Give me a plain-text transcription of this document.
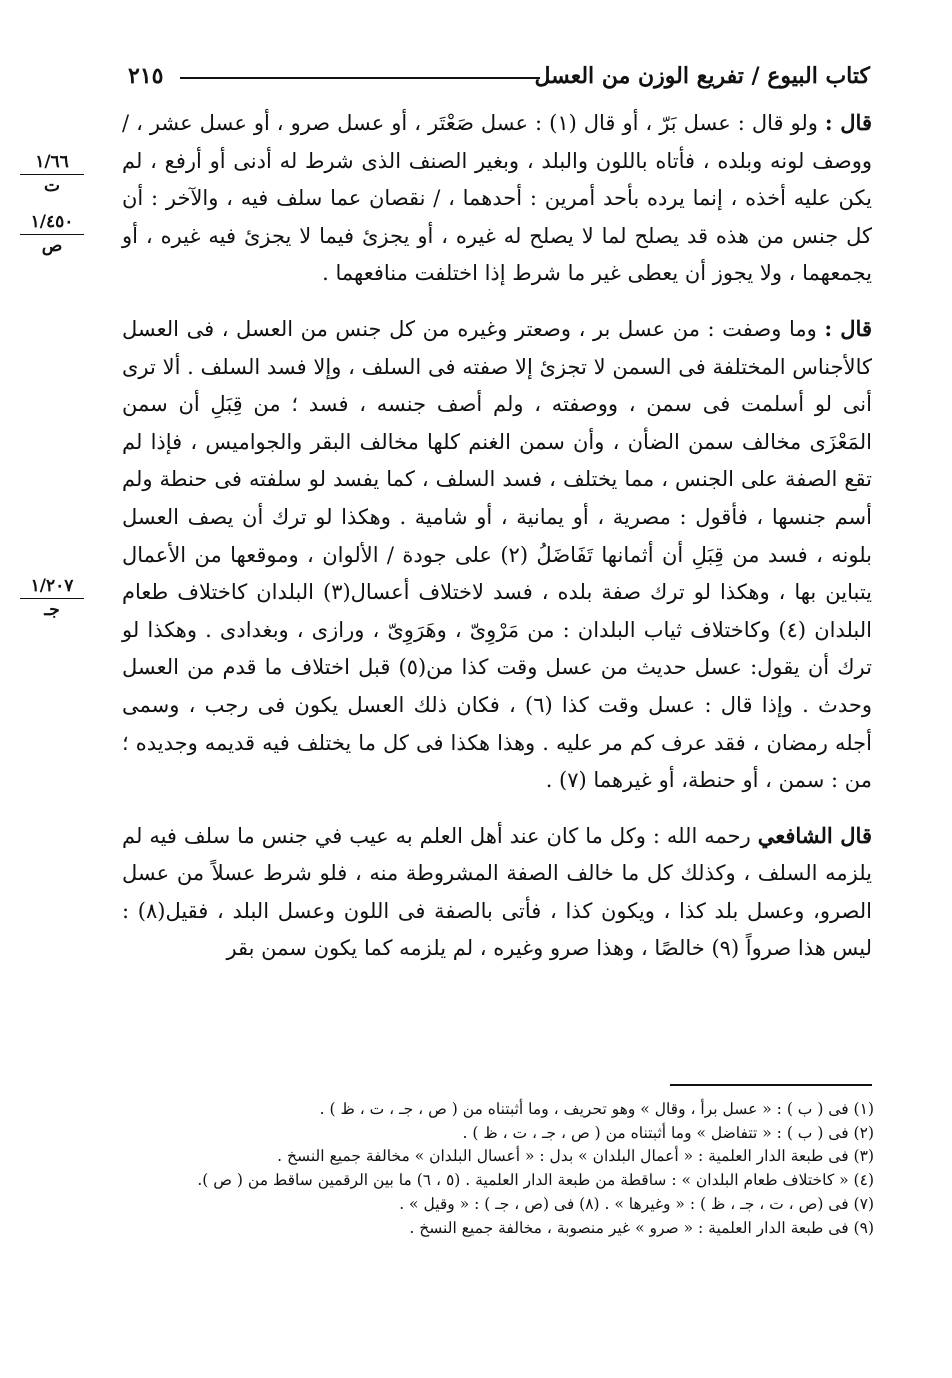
كتاب البيوع / تفريع الوزن من العسل
٢١٥
١/٦٦
ت
١/٤٥٠
ص
١/٢٠٧
جـ

قال : ولو قال : عسل بَرّ ، أو قال (١) : عسل صَعْتَر ، أو عسل صرو ، أو عسل عشر ، / ووصف لونه وبلده ، فأتاه باللون والبلد ، وبغير الصنف الذى شرط له أدنى أو أرفع ، لم يكن عليه أخذه ، إنما يرده بأحد أمرين : أحدهما ، / نقصان عما سلف فيه ، والآخر : أن كل جنس من هذه قد يصلح لما لا يصلح له غيره ، أو يجزئ فيما لا يجزئ فيه غيره ، أو يجمعهما ، ولا يجوز أن يعطى غير ما شرط إذا اختلفت منافعهما .

قال : وما وصفت : من عسل بر ، وصعتر وغيره من كل جنس من العسل ، فى العسل كالأجناس المختلفة فى السمن لا تجزئ إلا صفته فى السلف ، وإلا فسد السلف . ألا ترى أنى لو أسلمت فى سمن ، ووصفته ، ولم أصف جنسه ، فسد ؛ من قِبَلِ أن سمن المَعْزَى مخالف سمن الضأن ، وأن سمن الغنم كلها مخالف البقر والجواميس ، فإذا لم تقع الصفة على الجنس ، مما يختلف ، فسد السلف ، كما يفسد لو سلفته فى حنطة ولم أسم جنسها ، فأقول : مصرية ، أو يمانية ، أو شامية . وهكذا لو ترك أن يصف العسل بلونه ، فسد من قِبَلِ أن أثمانها تَفَاضَلُ (٢) على جودة / الألوان ، وموقعها من الأعمال يتباين بها ، وهكذا لو ترك صفة بلده ، فسد لاختلاف أعسال(٣) البلدان كاختلاف طعام البلدان (٤) وكاختلاف ثياب البلدان : من مَرْوِىّ ، وهَرَوِىّ ، ورازى ، وبغدادى . وهكذا لو ترك أن يقول: عسل حديث من عسل وقت كذا من(٥) قبل اختلاف ما قدم من العسل وحدث . وإذا قال : عسل وقت كذا (٦) ، فكان ذلك العسل يكون فى رجب ، وسمى أجله رمضان ، فقد عرف كم مر عليه . وهذا هكذا فى كل ما يختلف فيه قديمه وجديده ؛ من : سمن ، أو حنطة، أو غيرهما (٧) .

قال الشافعي رحمه الله : وكل ما كان عند أهل العلم به عيب في جنس ما سلف فيه لم يلزمه السلف ، وكذلك كل ما خالف الصفة المشروطة منه ، فلو شرط عسلاً من عسل الصرو، وعسل بلد كذا ، ويكون كذا ، فأتى بالصفة فى اللون وعسل البلد ، فقيل(٨) : ليس هذا صرواً (٩) خالصًا ، وهذا صرو وغيره ، لم يلزمه كما يكون سمن بقر

(١) فى ( ب ) : « عسل برأ ، وقال » وهو تحريف ، وما أثبتناه من ( ص ، جـ ، ت ، ظ ) .
(٢) فى ( ب ) : « تتفاضل » وما أثبتناه من ( ص ، جـ ، ت ، ظ ) .
(٣) فى طبعة الدار العلمية : « أعمال البلدان » بدل : « أعسال البلدان » مخالفة جميع النسخ .
(٤) « كاختلاف طعام البلدان » : ساقطة من طبعة الدار العلمية . (٥ ، ٦) ما بين الرقمين ساقط من ( ص ).
(٧) فى (ص ، ت ، جـ ، ظ ) : « وغيرها » . (٨) فى (ص ، جـ ) : « وقيل » .
(٩) فى طبعة الدار العلمية : « صرو » غير منصوبة ، مخالفة جميع النسخ .
